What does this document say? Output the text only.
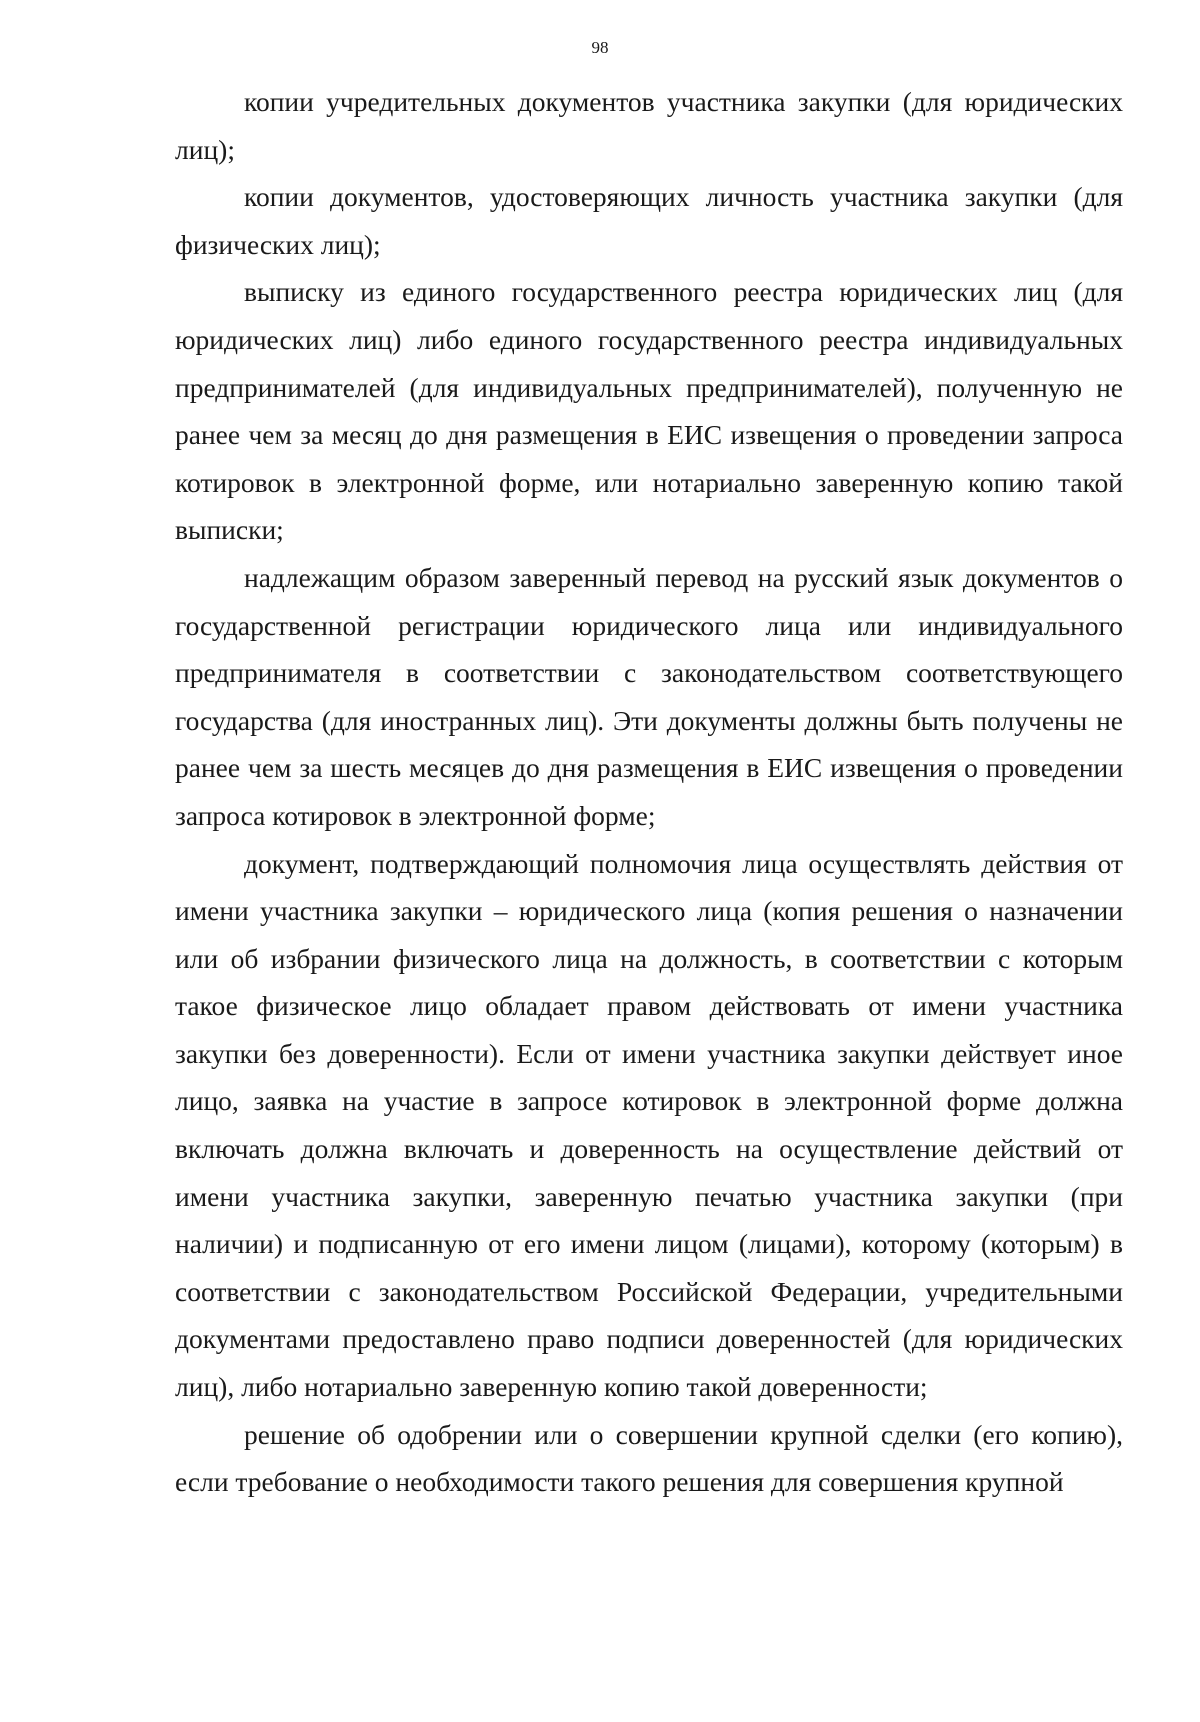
98

копии учредительных документов участника закупки (для юридических лиц);

копии документов, удостоверяющих личность участника закупки (для физических лиц);

выписку из единого государственного реестра юридических лиц (для юридических лиц) либо единого государственного реестра индивидуальных предпринимателей (для индивидуальных предпринимателей), полученную не ранее чем за месяц до дня размещения в ЕИС извещения о проведении запроса котировок в электронной форме, или нотариально заверенную копию такой выписки;

надлежащим образом заверенный перевод на русский язык документов о государственной регистрации юридического лица или индивидуального предпринимателя в соответствии с законодательством соответствующего государства (для иностранных лиц). Эти документы должны быть получены не ранее чем за шесть месяцев до дня размещения в ЕИС извещения о проведении запроса котировок в электронной форме;

документ, подтверждающий полномочия лица осуществлять действия от имени участника закупки – юридического лица (копия решения о назначении или об избрании физического лица на должность, в соответствии с которым такое физическое лицо обладает правом действовать от имени участника закупки без доверенности). Если от имени участника закупки действует иное лицо, заявка на участие в запросе котировок в электронной форме должна включать должна включать и доверенность на осуществление действий от имени участника закупки, заверенную печатью участника закупки (при наличии) и подписанную от его имени лицом (лицами), которому (которым) в соответствии с законодательством Российской Федерации, учредительными документами предоставлено право подписи доверенностей (для юридических лиц), либо нотариально заверенную копию такой доверенности;

решение об одобрении или о совершении крупной сделки (его копию), если требование о необходимости такого решения для совершения крупной
